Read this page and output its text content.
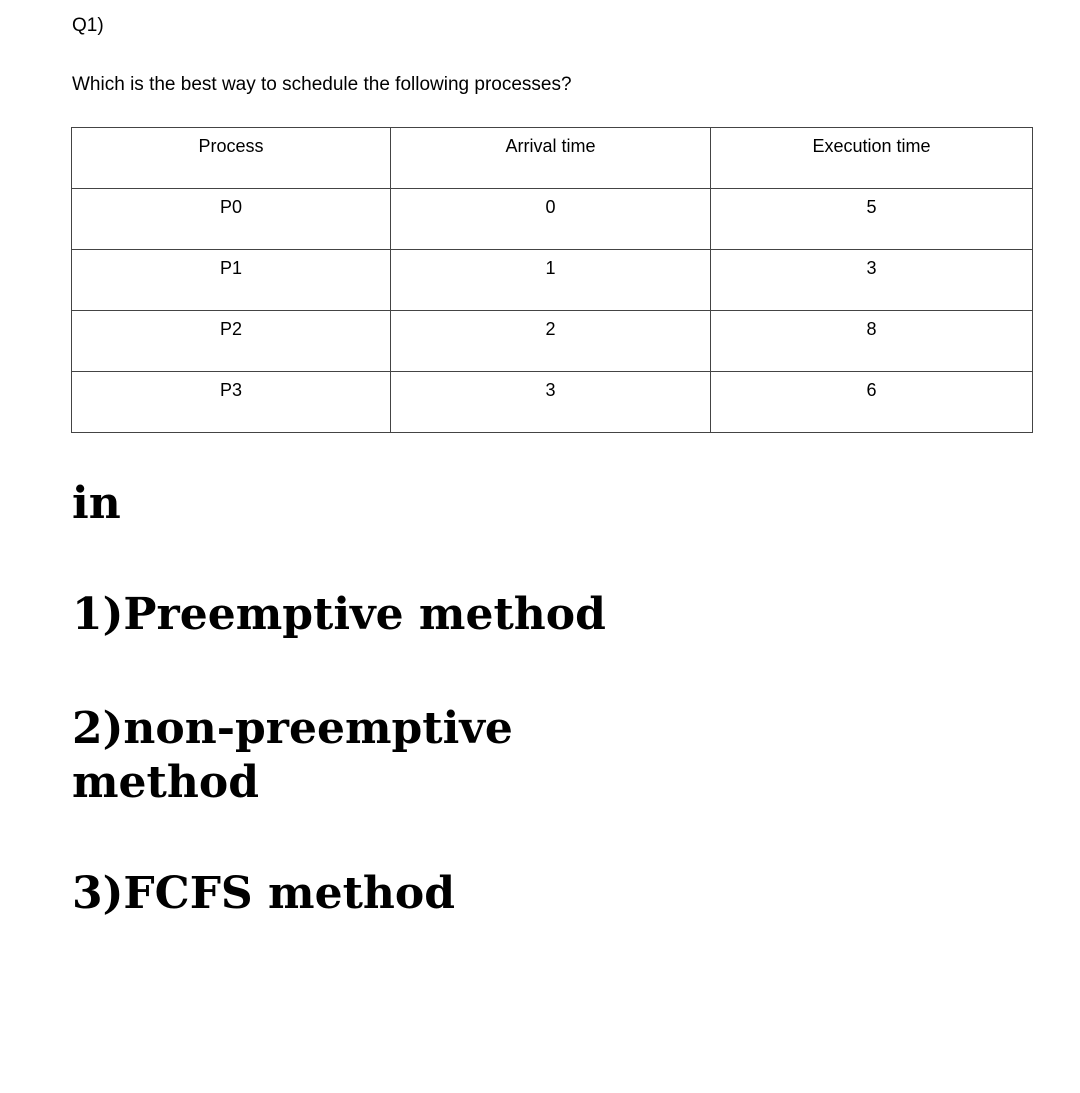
Q1)
Which is the best way to schedule the following processes?
Process	Arrival time	Execution time
P0	0	5
P1	1	3
P2	2	8
P3	3	6

in

1)Preemptive method

2)non-preemptive method

3)FCFS method
